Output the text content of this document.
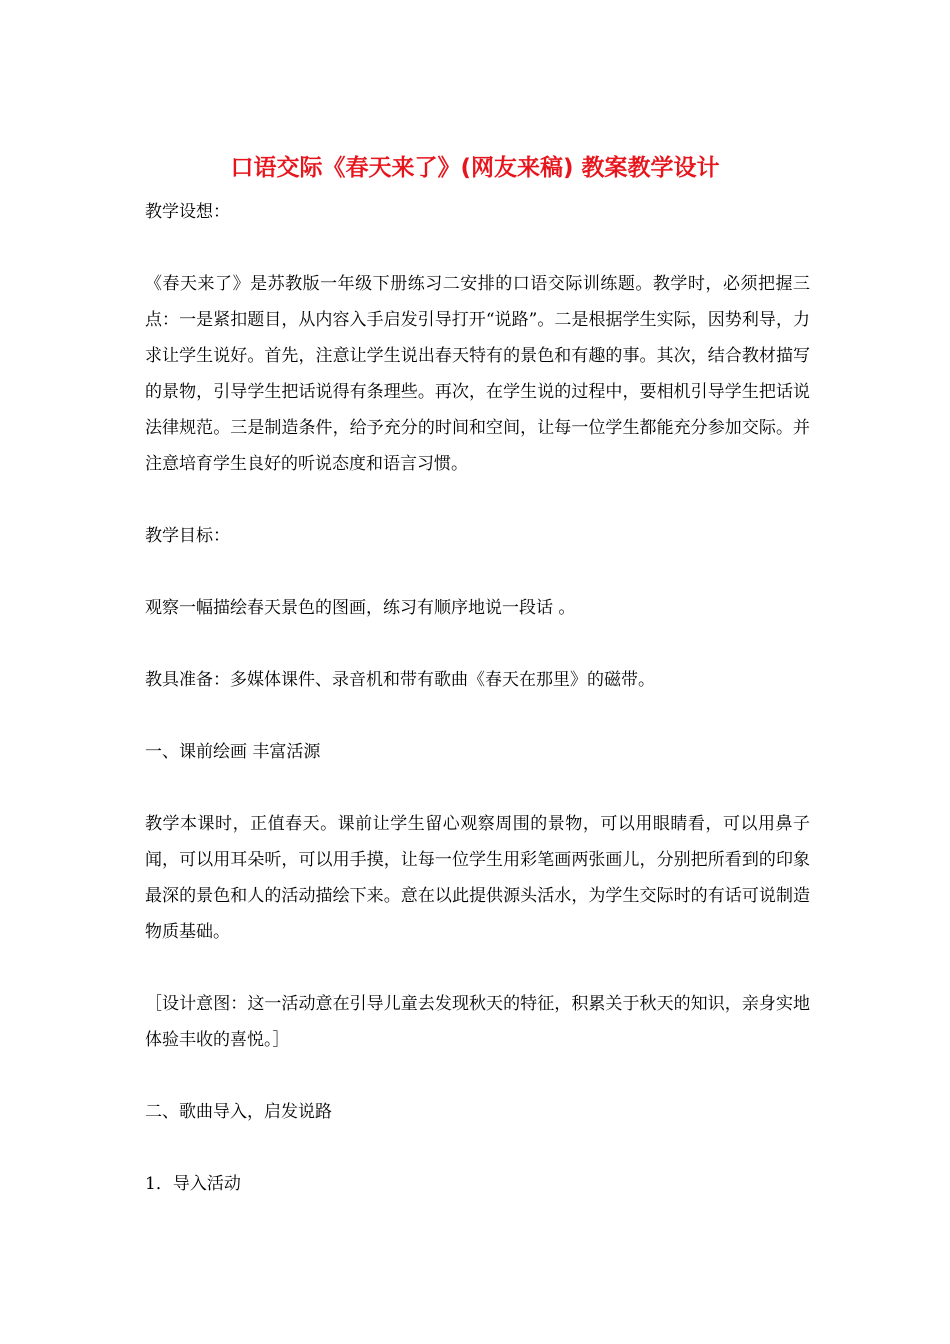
口语交际《春天来了》(网友来稿) 教案教学设计

教学设想：

《春天来了》是苏教版一年级下册练习二安排的口语交际训练题。教学时，必须把握三点：一是紧扣题目，从内容入手启发引导打开“说路”。二是根据学生实际，因势利导，力求让学生说好。首先，注意让学生说出春天特有的景色和有趣的事。其次，结合教材描写的景物，引导学生把话说得有条理些。再次，在学生说的过程中，要相机引导学生把话说法律规范。三是制造条件，给予充分的时间和空间，让每一位学生都能充分参加交际。并注意培育学生良好的听说态度和语言习惯。

教学目标：

观察一幅描绘春天景色的图画，练习有顺序地说一段话 。

教具准备：多媒体课件、录音机和带有歌曲《春天在那里》的磁带。

一、课前绘画 丰富活源

教学本课时，正值春天。课前让学生留心观察周围的景物，可以用眼睛看，可以用鼻子闻，可以用耳朵听，可以用手摸，让每一位学生用彩笔画两张画儿，分别把所看到的印象最深的景色和人的活动描绘下来。意在以此提供源头活水，为学生交际时的有话可说制造物质基础。

［设计意图：这一活动意在引导儿童去发现秋天的特征，积累关于秋天的知识，亲身实地体验丰收的喜悦。］

二、歌曲导入，启发说路

1．导入活动
